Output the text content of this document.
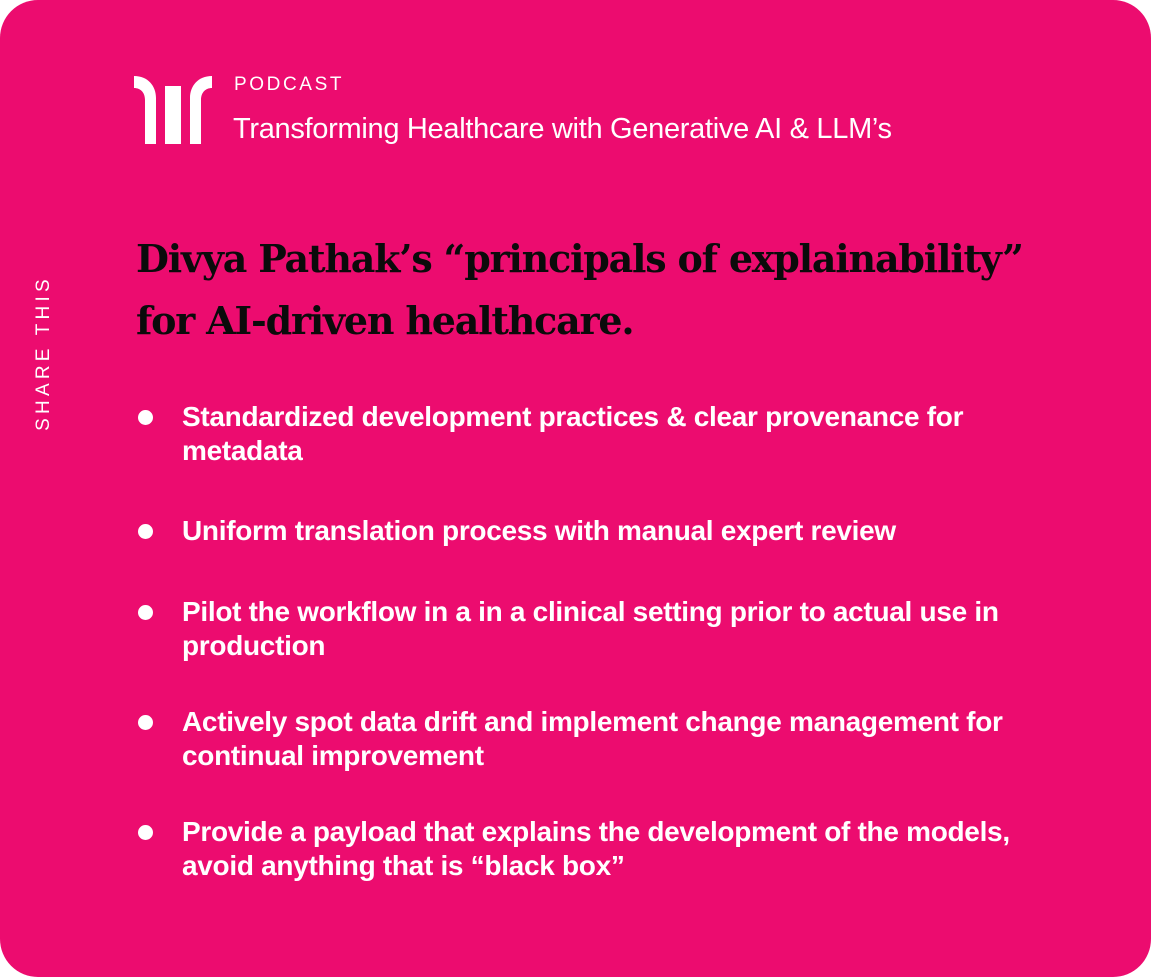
SHARE THIS
PODCAST
Transforming Healthcare with Generative AI & LLM’s
Divya Pathak’s “principals of explainability” for AI-driven healthcare.
Standardized development practices & clear provenance for metadata
Uniform translation process with manual expert review
Pilot the workflow in a in a clinical setting prior to actual use in production
Actively spot data drift and implement change management for continual improvement
Provide a payload that explains the development of the models, avoid anything that is “black box”
